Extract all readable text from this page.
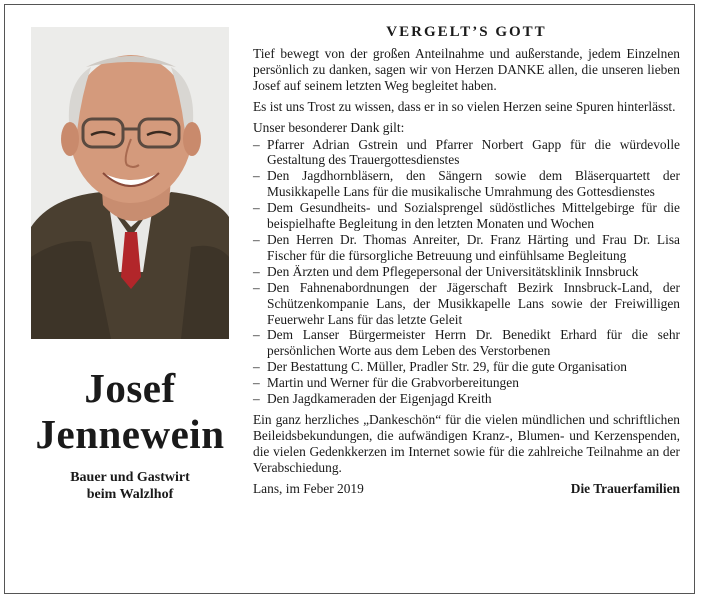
Josef
Jennewein
Bauer und Gastwirt
beim Walzlhof
VERGELT’S GOTT

Tief bewegt von der großen Anteilnahme und außerstande, jedem Einzelnen persönlich zu danken, sagen wir von Herzen DANKE allen, die unseren lieben Josef auf seinem letzten Weg begleitet haben.

Es ist uns Trost zu wissen, dass er in so vielen Herzen seine Spuren hinterlässt.

Unser besonderer Dank gilt:
– Pfarrer Adrian Gstrein und Pfarrer Norbert Gapp für die würdevolle Gestaltung des Trauergottesdienstes
– Den Jagdhornbläsern, den Sängern sowie dem Bläserquartett der Musikkapelle Lans für die musikalische Umrahmung des Gottesdienstes
– Dem Gesundheits- und Sozialsprengel südöstliches Mittelgebirge für die beispielhafte Begleitung in den letzten Monaten und Wochen
– Den Herren Dr. Thomas Anreiter, Dr. Franz Härting und Frau Dr. Lisa Fischer für die fürsorgliche Betreuung und einfühlsame Begleitung
– Den Ärzten und dem Pflegepersonal der Universitätsklinik Innsbruck
– Den Fahnenabordnungen der Jägerschaft Bezirk Innsbruck-Land, der Schützenkompanie Lans, der Musikkapelle Lans sowie der Freiwilligen Feuerwehr Lans für das letzte Geleit
– Dem Lanser Bürgermeister Herrn Dr. Benedikt Erhard für die sehr persönlichen Worte aus dem Leben des Verstorbenen
– Der Bestattung C. Müller, Pradler Str. 29, für die gute Organisation
– Martin und Werner für die Grabvorbereitungen
– Den Jagdkameraden der Eigenjagd Kreith

Ein ganz herzliches „Dankeschön“ für die vielen mündlichen und schriftlichen Beileidsbekundungen, die aufwändigen Kranz-, Blumen- und Kerzenspenden, die vielen Gedenkkerzen im Internet sowie für die zahlreiche Teilnahme an der Verabschiedung.

Lans, im Feber 2019	Die Trauerfamilien
